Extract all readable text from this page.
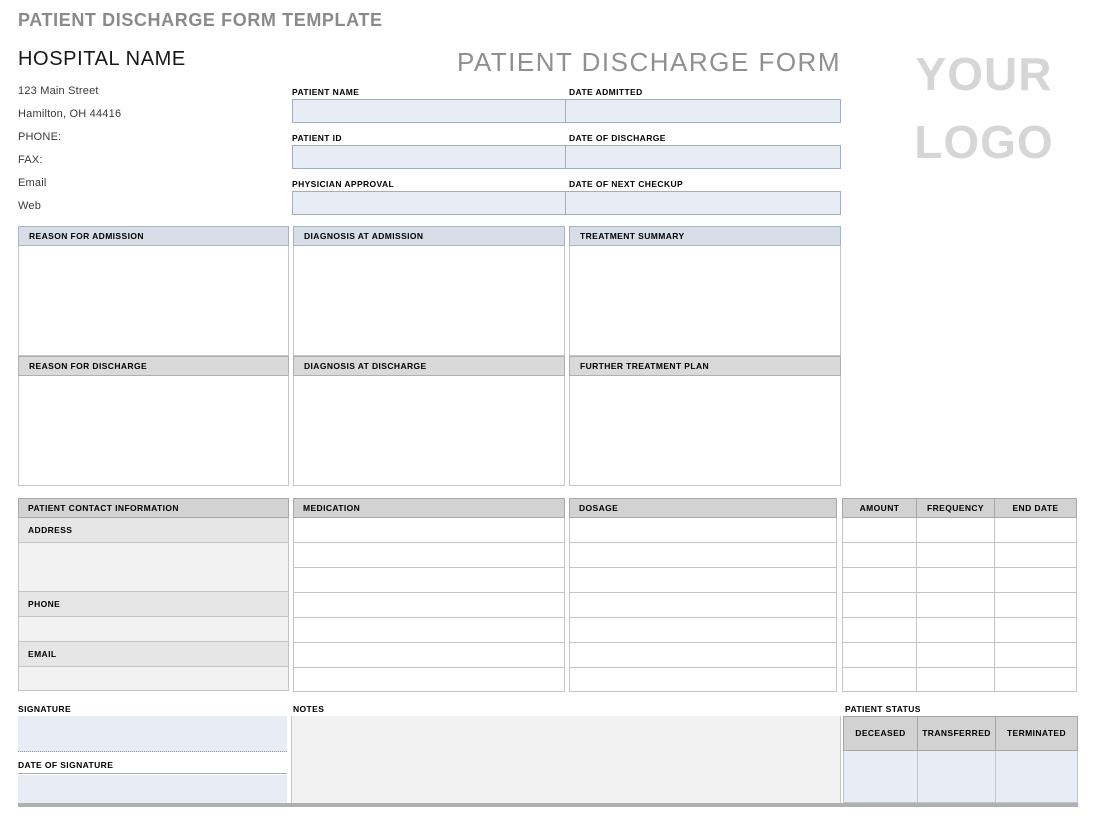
PATIENT DISCHARGE FORM TEMPLATE
HOSPITAL NAME
123 Main Street
Hamilton, OH 44416
PHONE:
FAX:
Email
Web
PATIENT DISCHARGE FORM	YOUR
LOGO
PATIENT NAME	DATE ADMITTED
PATIENT ID	DATE OF DISCHARGE
PHYSICIAN APPROVAL	DATE OF NEXT CHECKUP
REASON FOR ADMISSION	DIAGNOSIS AT ADMISSION	TREATMENT SUMMARY
REASON FOR DISCHARGE	DIAGNOSIS AT DISCHARGE	FURTHER TREATMENT PLAN
PATIENT CONTACT INFORMATION
ADDRESS
PHONE
EMAIL
MEDICATION	DOSAGE	AMOUNT	FREQUENCY	END DATE
SIGNATURE
DATE OF SIGNATURE
NOTES	PATIENT STATUS
DECEASED	TRANSFERRED	TERMINATED
